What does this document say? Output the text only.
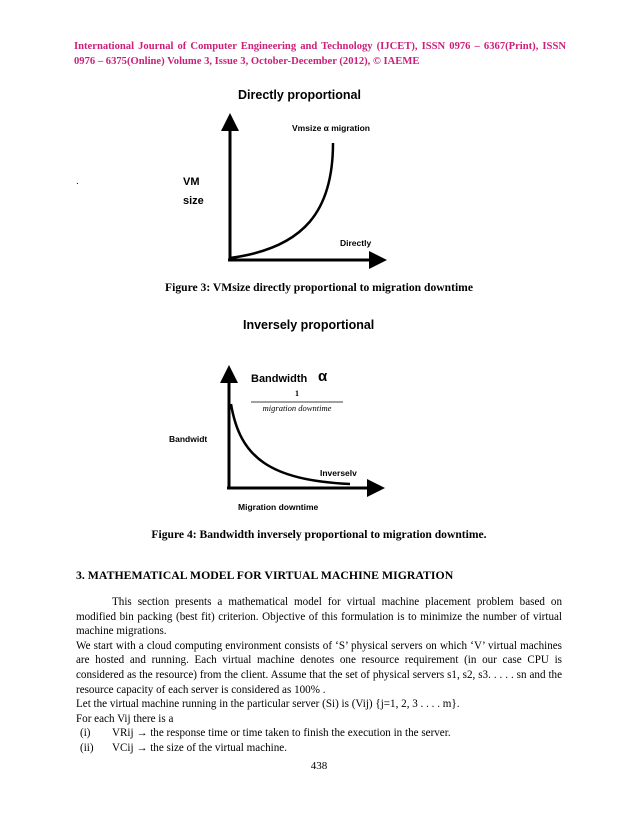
International Journal of Computer Engineering and Technology (IJCET), ISSN 0976 – 6367(Print), ISSN 0976 – 6375(Online) Volume 3, Issue 3, October-December (2012), © IAEME
Directly proportional
Vmsize α migration
VM
size
.
Directly
Figure 3: VMsize directly proportional to migration downtime
Inversely proportional
Bandwidth α
1
migration downtime
Bandwidt
Inverselv
Migration downtime
Figure 4: Bandwidth inversely proportional to migration downtime.
3. MATHEMATICAL MODEL FOR VIRTUAL MACHINE MIGRATION

This section presents a mathematical model for virtual machine placement problem based on modified bin packing (best fit) criterion. Objective of this formulation is to minimize the number of virtual machine migrations.

We start with a cloud computing environment consists of ‘S’ physical servers on which ‘V’ virtual machines are hosted and running. Each virtual machine denotes one resource requirement (in our case CPU is considered as the resource) from the client. Assume that the set of physical servers s1, s2, s3. . . . . sn and the resource capacity of each server is considered as 100% .

Let the virtual machine running in the particular server (Si) is (Vij) {j=1, 2, 3 . . . . m}.

For each Vij there is a

(i)	VRij → the response time or time taken to finish the execution in the server.
(ii)	VCij → the size of the virtual machine.
438
